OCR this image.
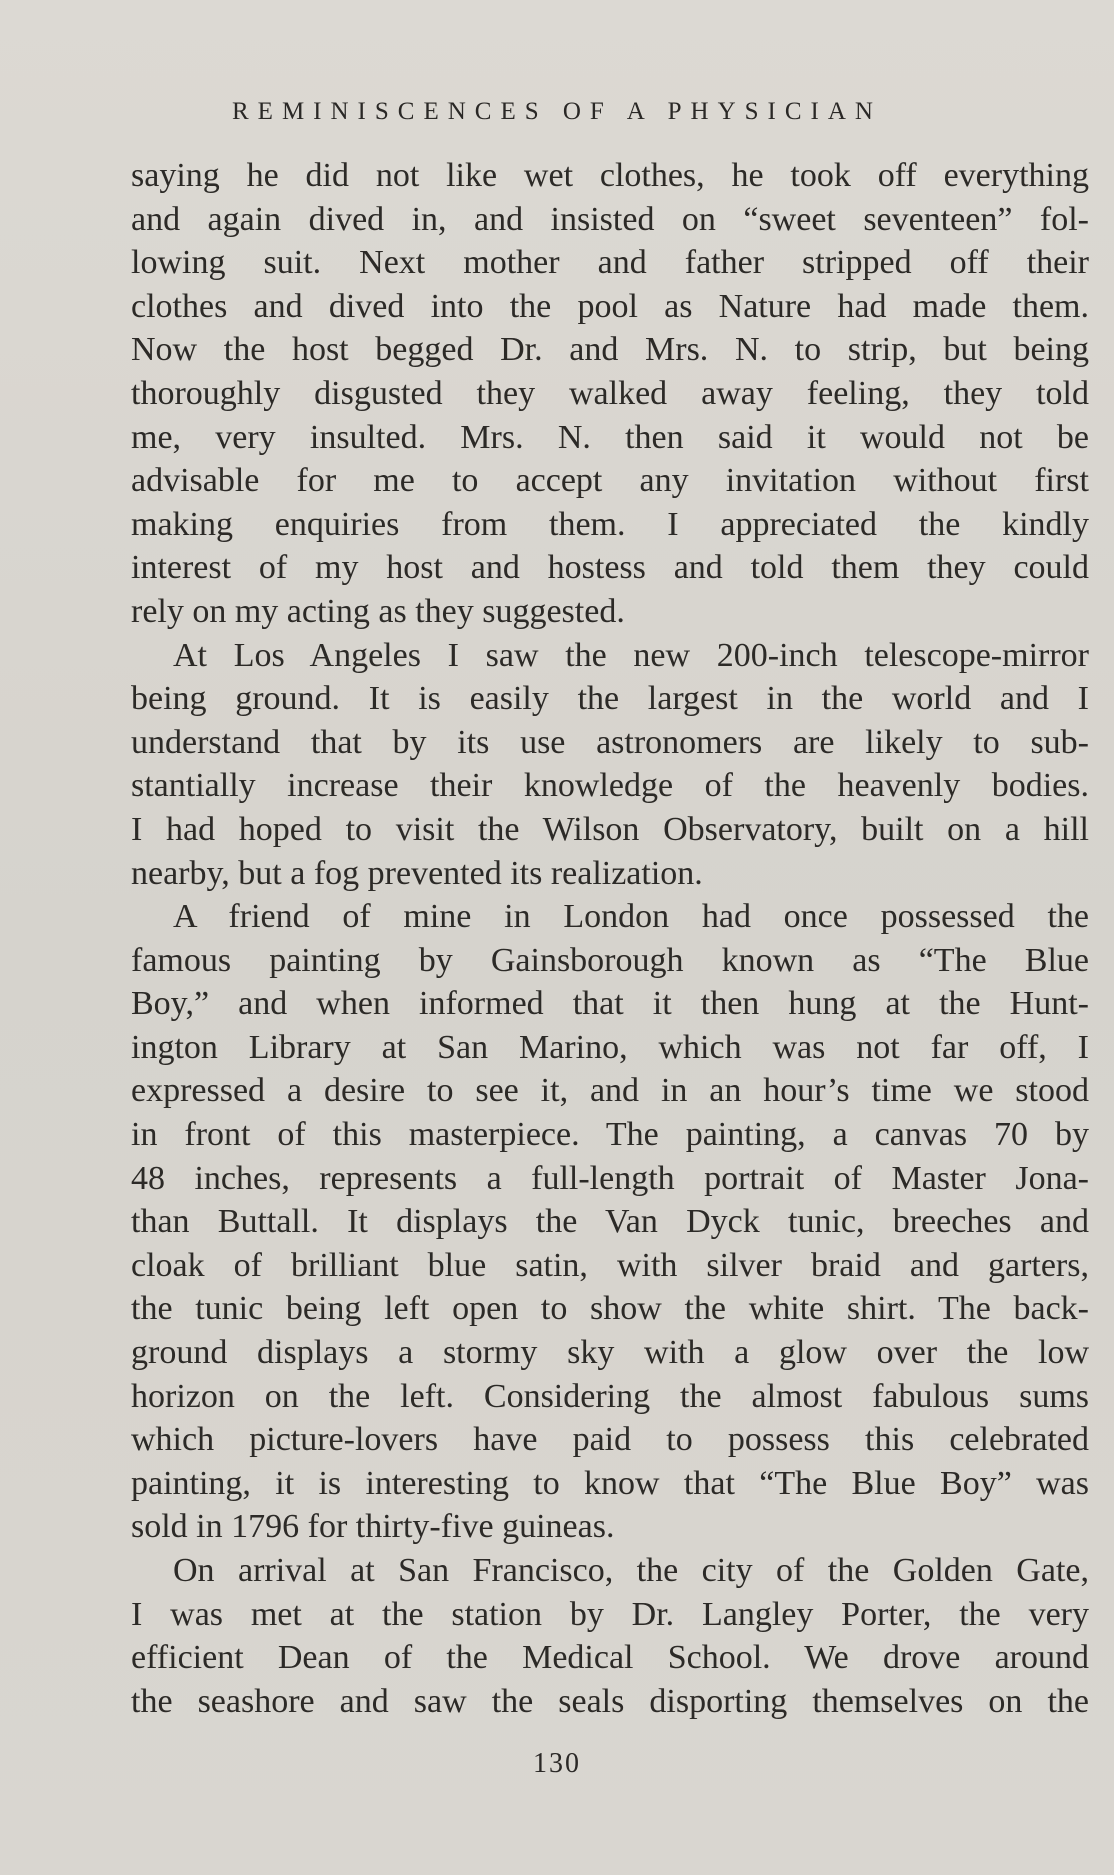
REMINISCENCES OF A PHYSICIAN
saying he did not like wet clothes, he took off everything
and again dived in, and insisted on “sweet seventeen” fol-
lowing suit. Next mother and father stripped off their
clothes and dived into the pool as Nature had made them.
Now the host begged Dr. and Mrs. N. to strip, but being
thoroughly disgusted they walked away feeling, they told
me, very insulted. Mrs. N. then said it would not be
advisable for me to accept any invitation without first
making enquiries from them. I appreciated the kindly
interest of my host and hostess and told them they could
rely on my acting as they suggested.
At Los Angeles I saw the new 200-inch telescope-mirror
being ground. It is easily the largest in the world and I
understand that by its use astronomers are likely to sub-
stantially increase their knowledge of the heavenly bodies.
I had hoped to visit the Wilson Observatory, built on a hill
nearby, but a fog prevented its realization.
A friend of mine in London had once possessed the
famous painting by Gainsborough known as “The Blue
Boy,” and when informed that it then hung at the Hunt-
ington Library at San Marino, which was not far off, I
expressed a desire to see it, and in an hour’s time we stood
in front of this masterpiece. The painting, a canvas 70 by
48 inches, represents a full-length portrait of Master Jona-
than Buttall. It displays the Van Dyck tunic, breeches and
cloak of brilliant blue satin, with silver braid and garters,
the tunic being left open to show the white shirt. The back-
ground displays a stormy sky with a glow over the low
horizon on the left. Considering the almost fabulous sums
which picture-lovers have paid to possess this celebrated
painting, it is interesting to know that “The Blue Boy” was
sold in 1796 for thirty-five guineas.
On arrival at San Francisco, the city of the Golden Gate,
I was met at the station by Dr. Langley Porter, the very
efficient Dean of the Medical School. We drove around
the seashore and saw the seals disporting themselves on the
130
